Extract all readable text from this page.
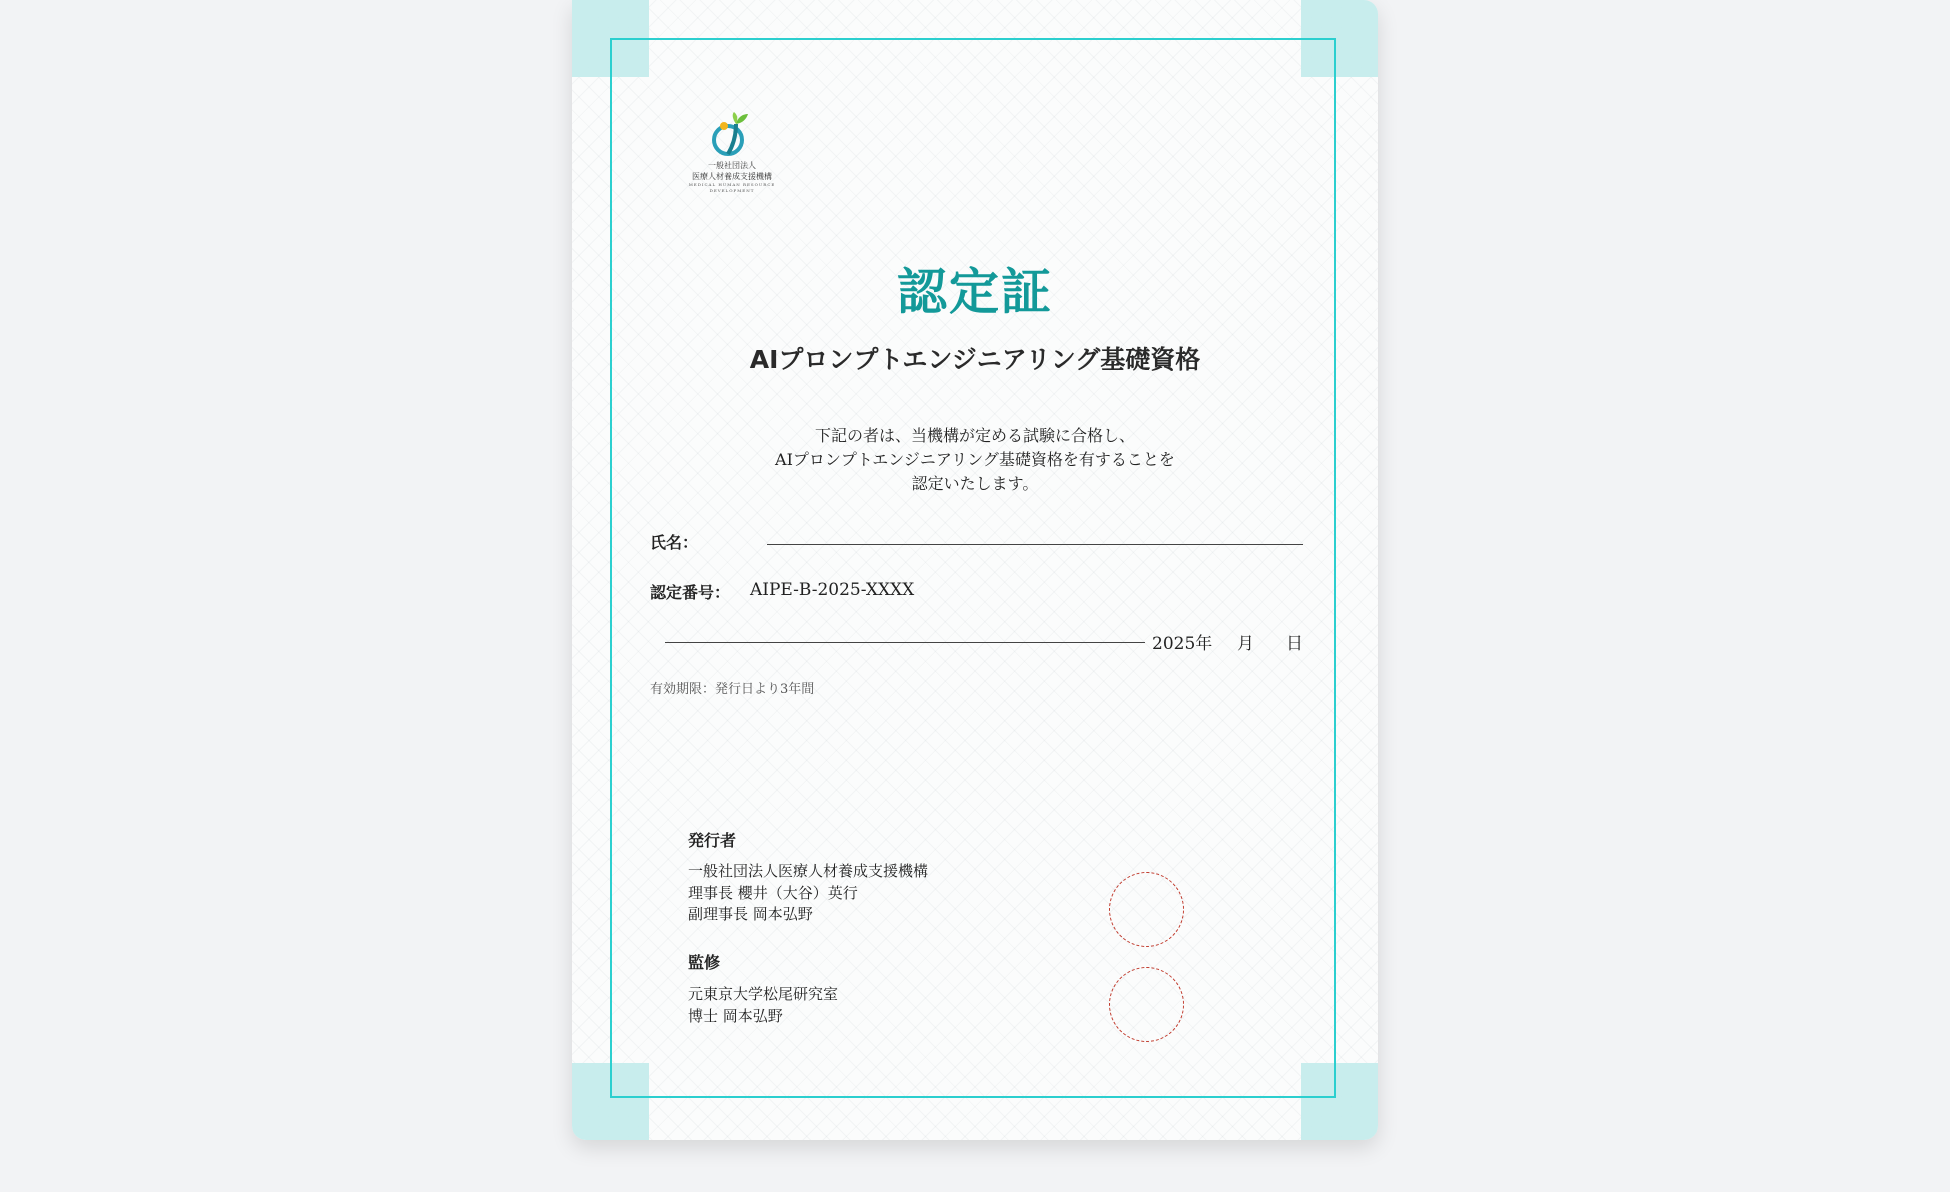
一般社団法人
医療人材養成支援機構
MEDICAL HUMAN RESOURCE DEVELOPMENT
認定証
AIプロンプトエンジニアリング基礎資格
下記の者は、当機構が定める試験に合格し、
AIプロンプトエンジニアリング基礎資格を有することを
認定いたします。
氏名：
認定番号： AIPE-B-2025-XXXX
2025年 月 日
有効期限：発行日より3年間
発行者
一般社団法人医療人材養成支援機構
理事長 櫻井（大谷）英行
副理事長 岡本弘野
監修
元東京大学松尾研究室
博士 岡本弘野
